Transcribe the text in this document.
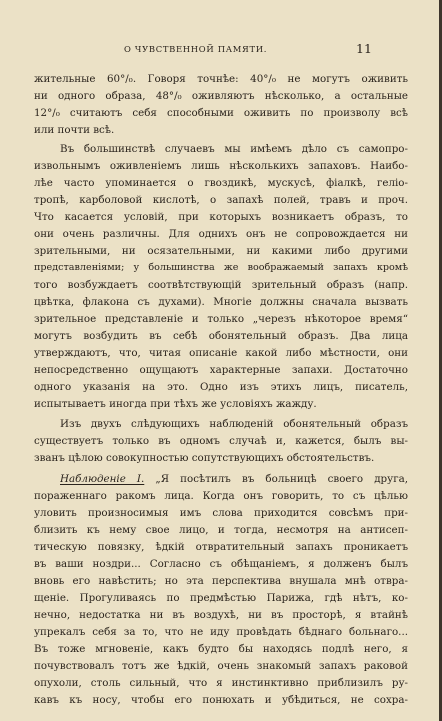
О ЧУВСТВЕННОЙ ПАМЯТИ.	11
жительные 60°/₀. Говоря точнѣе: 40°/₀ не могутъ оживить
ни одного образа, 48°/₀ оживляютъ нѣсколько, а остальные
12°/₀ считаютъ себя способными оживить по произволу всѣ
или почти всѣ.
Въ большинствѣ случаевъ мы имѣемъ дѣло съ самопро-
извольнымъ оживленіемъ лишь нѣсколькихъ запаховъ. Наибо-
лѣе часто упоминается о гвоздикѣ, мускусѣ, фіалкѣ, геліо-
тропѣ, карболовой кислотѣ, о запахѣ полей, травъ и проч.
Что касается условій, при которыхъ возникаетъ образъ, то
они очень различны. Для однихъ онъ не сопровождается ни
зрительными, ни осязательными, ни какими либо другими
представленіями; у большинства же воображаемый запахъ кромѣ
того возбуждаетъ соотвѣтствующій зрительный образъ (напр.
цвѣтка, флакона съ духами). Многіе должны сначала вызвать
зрительное представленіе и только „черезъ нѣкоторое время“
могутъ возбудить въ себѣ обонятельный образъ. Два лица
утверждаютъ, что, читая описаніе какой либо мѣстности, они
непосредственно ощущаютъ характерные запахи. Достаточно
одного указанія на это. Одно изъ этихъ лицъ, писатель,
испытываетъ иногда при тѣхъ же условіяхъ жажду.
Изъ двухъ слѣдующихъ наблюденій обонятельный образъ
существуетъ только въ одномъ случаѣ и, кажется, былъ вы-
званъ цѣлою совокупностью сопутствующихъ обстоятельствъ.
Наблюденіе I. „Я посѣтилъ въ больницѣ своего друга,
пораженнаго ракомъ лица. Когда онъ говорить, то съ цѣлью
уловить произносимыя имъ слова приходится совсѣмъ при-
близить къ нему свое лицо, и тогда, несмотря на антисеп-
тическую повязку, ѣдкій отвратительный запахъ проникаетъ
въ ваши ноздри... Согласно съ обѣщаніемъ, я долженъ былъ
вновь его навѣстить; но эта перспектива внушала мнѣ отвра-
щеніе. Прогуливаясь по предмѣстью Парижа, гдѣ нѣтъ, ко-
нечно, недостатка ни въ воздухѣ, ни въ просторѣ, я втайнѣ
упрекалъ себя за то, что не иду провѣдать бѣднаго больнаго...
Въ тоже мгновеніе, какъ будто бы находясь подлѣ него, я
почувствовалъ тотъ же ѣдкій, очень знакомый запахъ раковой
опухоли, столь сильный, что я инстинктивно приблизилъ ру-
кавъ къ носу, чтобы его понюхать и убѣдиться, не сохра-
